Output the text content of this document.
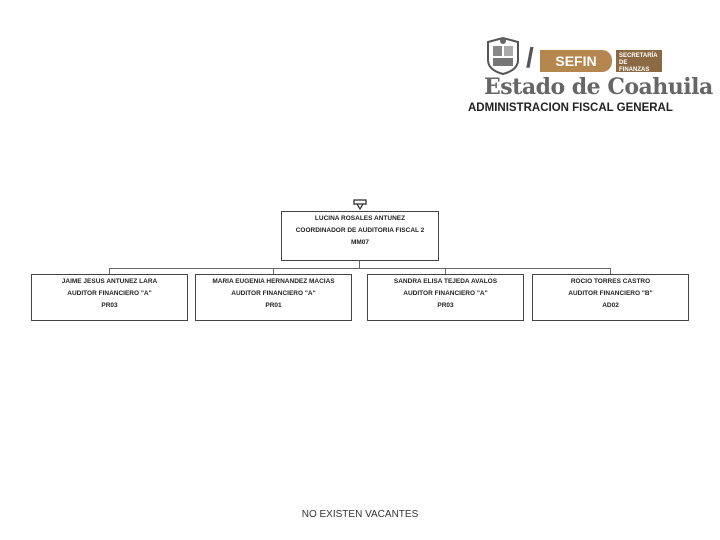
/ SEFIN	SECRETARÍA DE FINANZAS
Estado de Coahuila
ADMINISTRACION FISCAL GENERAL
LUCINA ROSALES ANTUNEZ
COORDINADOR DE AUDITORIA FISCAL 2
MM07
JAIME JESUS ANTUNEZ LARA
AUDITOR FINANCIERO "A"
PR03
MARIA EUGENIA HERNANDEZ MACIAS
AUDITOR FINANCIERO "A"
PR01
SANDRA ELISA TEJEDA AVALOS
AUDITOR FINANCIERO "A"
PR03
ROCIO TORRES CASTRO
AUDITOR FINANCIERO "B"
AD02
NO EXISTEN VACANTES
